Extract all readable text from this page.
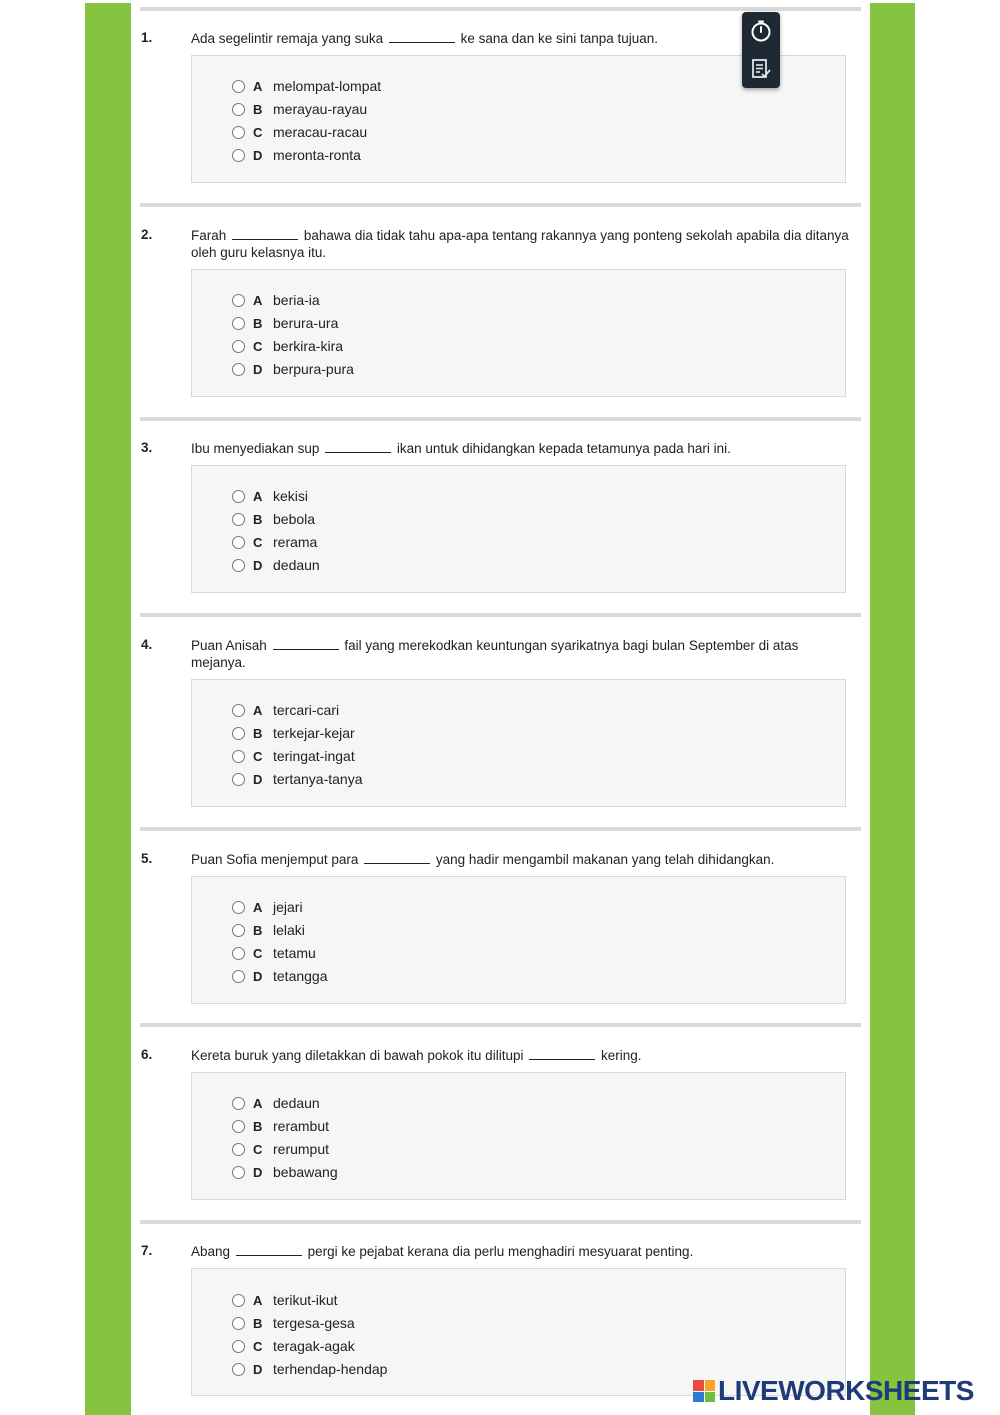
1.	Ada segelintir remaja yang suka	ke sana dan ke sini tanpa tujuan.
A melompat-lompat
B merayau-rayau
C meracau-racau
D meronta-ronta
2.	Farah	bahawa dia tidak tahu apa-apa tentang rakannya yang ponteng sekolah apabila dia ditanya oleh guru kelasnya itu.
A beria-ia
B berura-ura
C berkira-kira
D berpura-pura
3.	Ibu menyediakan sup	ikan untuk dihidangkan kepada tetamunya pada hari ini.
A kekisi
B bebola
C rerama
D dedaun
4.	Puan Anisah	fail yang merekodkan keuntungan syarikatnya bagi bulan September di atas mejanya.
A tercari-cari
B terkejar-kejar
C teringat-ingat
D tertanya-tanya
5.	Puan Sofia menjemput para	yang hadir mengambil makanan yang telah dihidangkan.
A jejari
B lelaki
C tetamu
D tetangga
6.	Kereta buruk yang diletakkan di bawah pokok itu dilitupi	kering.
A dedaun
B rerambut
C rerumput
D bebawang
7.	Abang	pergi ke pejabat kerana dia perlu menghadiri mesyuarat penting.
A terikut-ikut
B tergesa-gesa
C teragak-agak
D terhendap-hendap
LIVEWORKSHEETS
